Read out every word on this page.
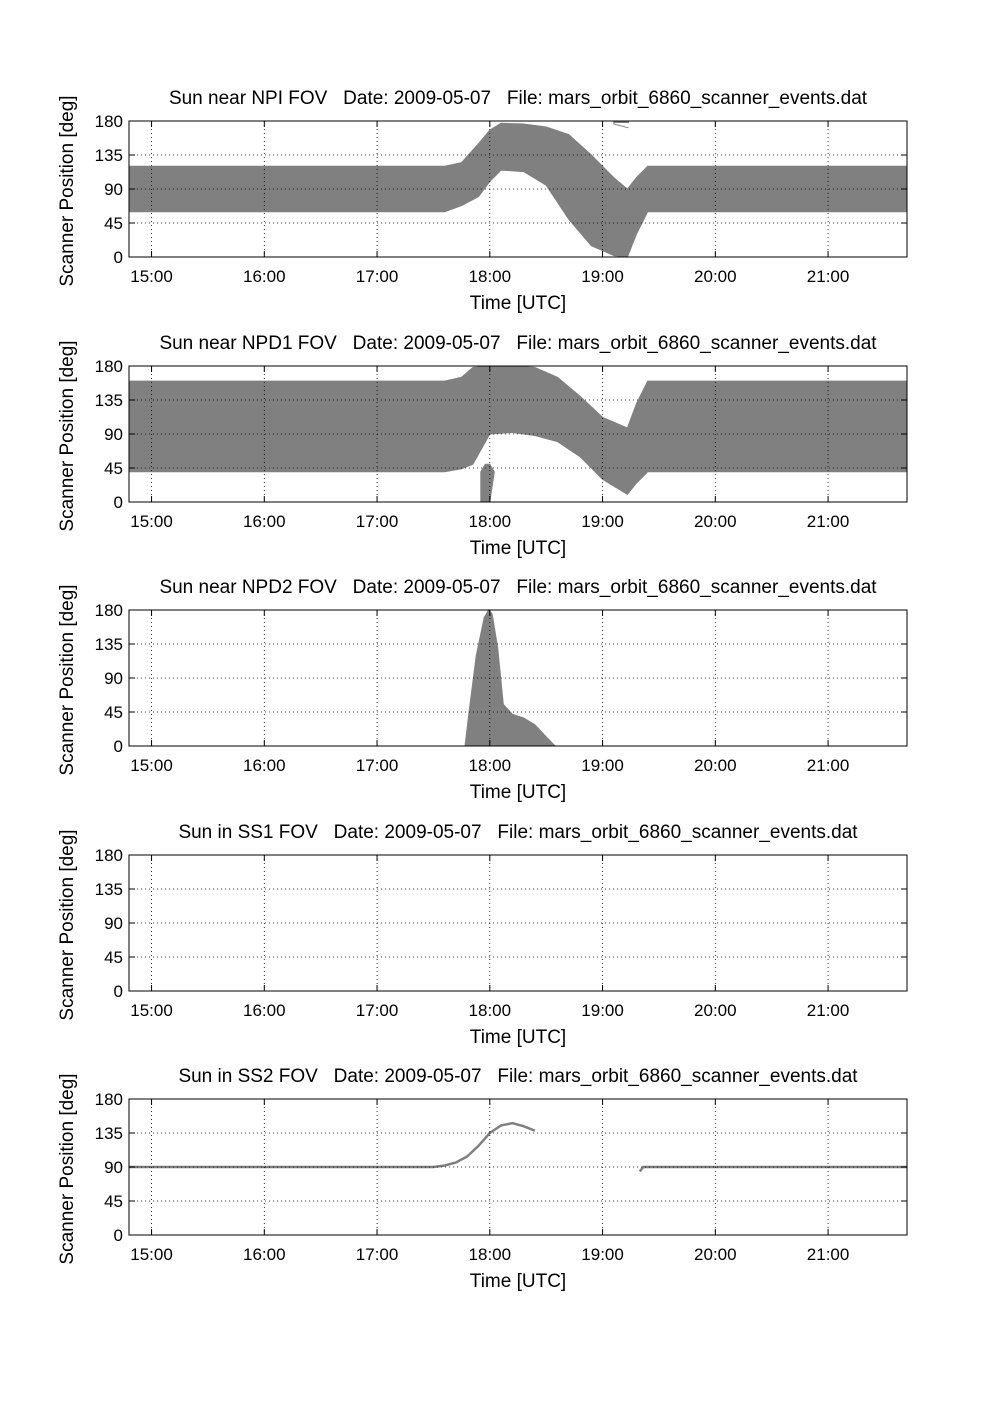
Sun near NPI FOV   Date: 2009-05-07   File: mars_orbit_6860_scanner_events.dat
15:00	16:00	17:00	18:00	19:00	20:00	21:00
0
45
90
135
180
Time [UTC]
Scanner Position [deg]
Sun near NPD1 FOV   Date: 2009-05-07   File: mars_orbit_6860_scanner_events.dat
15:00	16:00	17:00	18:00	19:00	20:00	21:00
0
45
90
135
180
Time [UTC]
Scanner Position [deg]
Sun near NPD2 FOV   Date: 2009-05-07   File: mars_orbit_6860_scanner_events.dat
15:00	16:00	17:00	18:00	19:00	20:00	21:00
0
45
90
135
180
Time [UTC]
Scanner Position [deg]
Sun in SS1 FOV   Date: 2009-05-07   File: mars_orbit_6860_scanner_events.dat
15:00	16:00	17:00	18:00	19:00	20:00	21:00
0
45
90
135
180
Time [UTC]
Scanner Position [deg]
Sun in SS2 FOV   Date: 2009-05-07   File: mars_orbit_6860_scanner_events.dat
15:00	16:00	17:00	18:00	19:00	20:00	21:00
0
45
90
135
180
Time [UTC]
Scanner Position [deg]
